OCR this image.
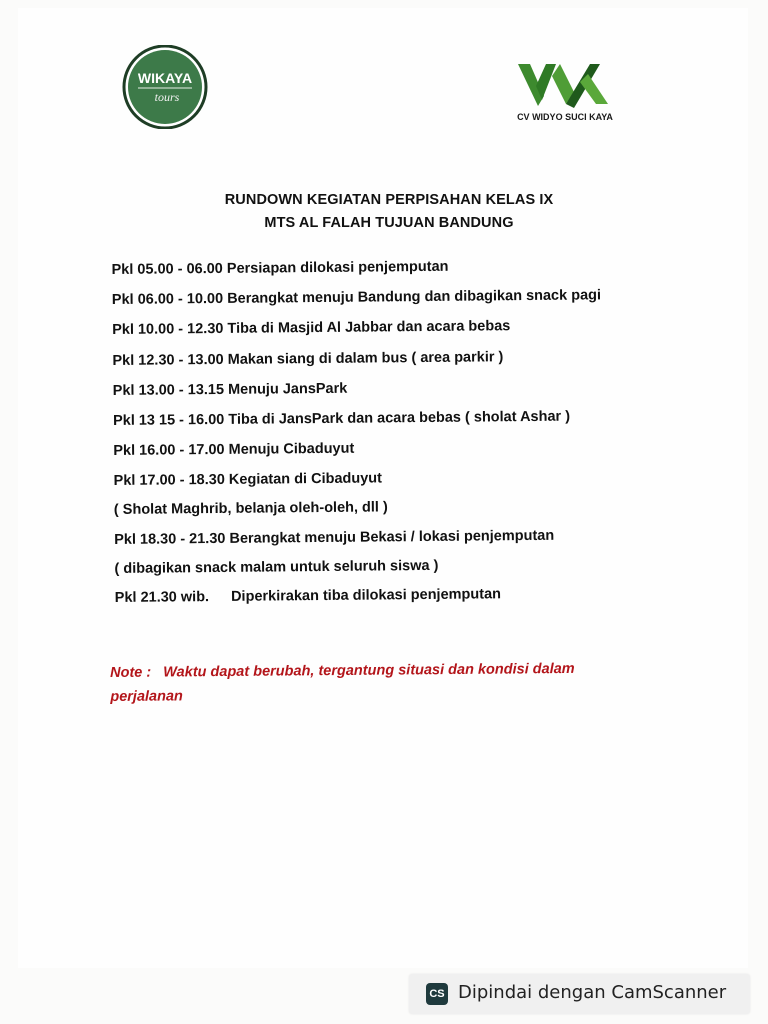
WIKAYA
tours
CV WIDYO SUCI KAYA
RUNDOWN KEGIATAN PERPISAHAN KELAS IX
MTS AL FALAH TUJUAN BANDUNG
Pkl 05.00 - 06.00 Persiapan dilokasi penjemputan
Pkl 06.00 - 10.00 Berangkat menuju Bandung dan dibagikan snack pagi
Pkl 10.00 - 12.30 Tiba di Masjid Al Jabbar dan acara bebas
Pkl 12.30 - 13.00 Makan siang di dalam bus ( area parkir )
Pkl 13.00 - 13.15 Menuju JansPark
Pkl 13 15 - 16.00 Tiba di JansPark dan acara bebas ( sholat Ashar )
Pkl 16.00 - 17.00 Menuju Cibaduyut
Pkl 17.00 - 18.30 Kegiatan di Cibaduyut
( Sholat Maghrib, belanja oleh-oleh, dll )
Pkl 18.30 - 21.30 Berangkat menuju Bekasi / lokasi penjemputan
( dibagikan snack malam untuk seluruh siswa )
Pkl 21.30 wib. Diperkirakan tiba dilokasi penjemputan
Note : Waktu dapat berubah, tergantung situasi dan kondisi dalam perjalanan
CS Dipindai dengan CamScanner
